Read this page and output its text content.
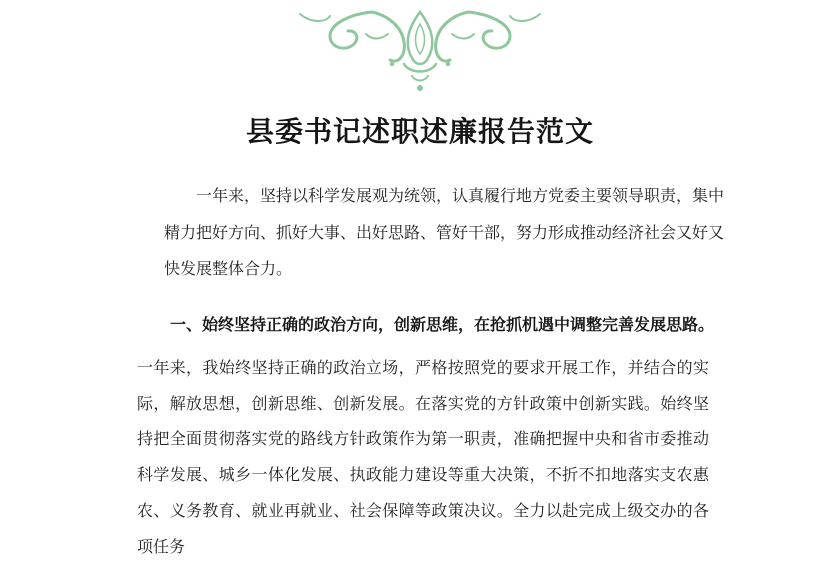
县委书记述职述廉报告范文

一年来，坚持以科学发展观为统领，认真履行地方党委主要领导职责，集中精力把好方向、抓好大事、出好思路、管好干部，努力形成推动经济社会又好又快发展整体合力。

一、始终坚持正确的政治方向，创新思维，在抢抓机遇中调整完善发展思路。

一年来，我始终坚持正确的政治立场，严格按照党的要求开展工作，并结合的实际，解放思想，创新思维、创新发展。在落实党的方针政策中创新实践。始终坚持把全面贯彻落实党的路线方针政策作为第一职责，准确把握中央和省市委推动科学发展、城乡一体化发展、执政能力建设等重大决策，不折不扣地落实支农惠农、义务教育、就业再就业、社会保障等政策决议。全力以赴完成上级交办的各项任务
